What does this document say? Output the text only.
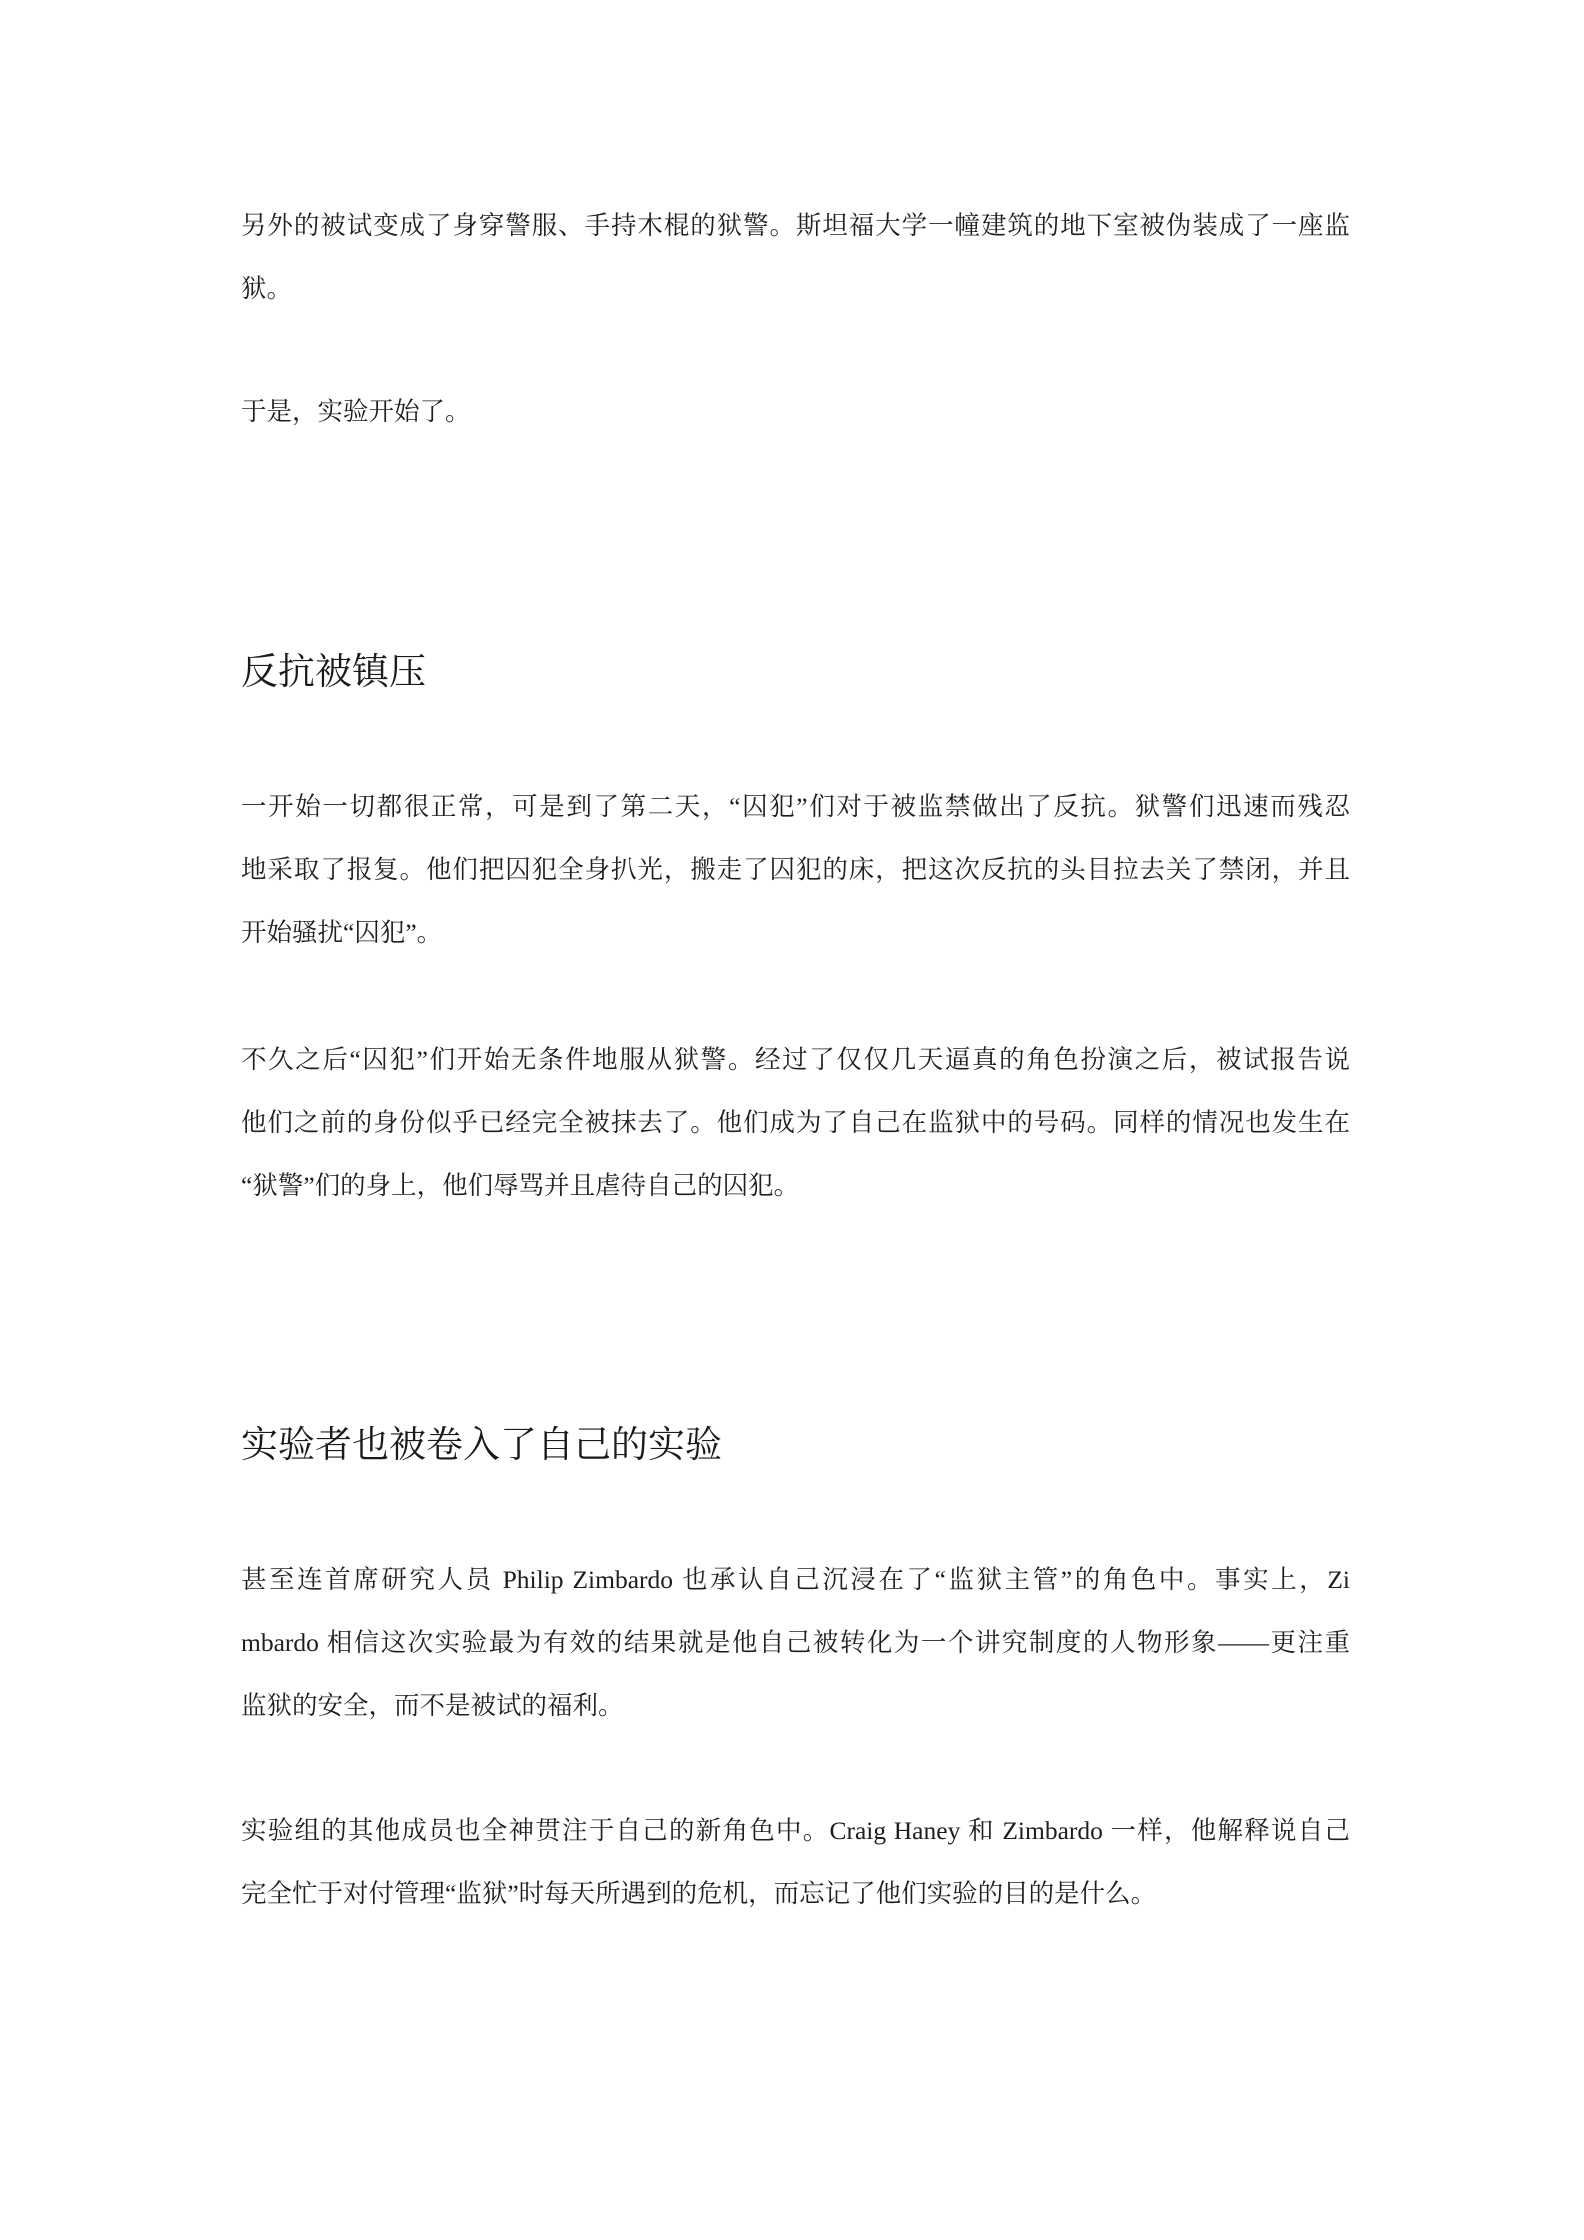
另外的被试变成了身穿警服、手持木棍的狱警。斯坦福大学一幢建筑的地下室被伪装成了一座监
狱。
于是，实验开始了。
反抗被镇压
一开始一切都很正常，可是到了第二天，“囚犯”们对于被监禁做出了反抗。狱警们迅速而残忍
地采取了报复。他们把囚犯全身扒光，搬走了囚犯的床，把这次反抗的头目拉去关了禁闭，并且
开始骚扰“囚犯”。
不久之后“囚犯”们开始无条件地服从狱警。经过了仅仅几天逼真的角色扮演之后，被试报告说
他们之前的身份似乎已经完全被抹去了。他们成为了自己在监狱中的号码。同样的情况也发生在
“狱警”们的身上，他们辱骂并且虐待自己的囚犯。
实验者也被卷入了自己的实验
甚至连首席研究人员 Philip Zimbardo 也承认自己沉浸在了“监狱主管”的角色中。事实上，Zi
mbardo 相信这次实验最为有效的结果就是他自己被转化为一个讲究制度的人物形象——更注重
监狱的安全，而不是被试的福利。
实验组的其他成员也全神贯注于自己的新角色中。Craig Haney 和 Zimbardo 一样，他解释说自己
完全忙于对付管理“监狱”时每天所遇到的危机，而忘记了他们实验的目的是什么。
